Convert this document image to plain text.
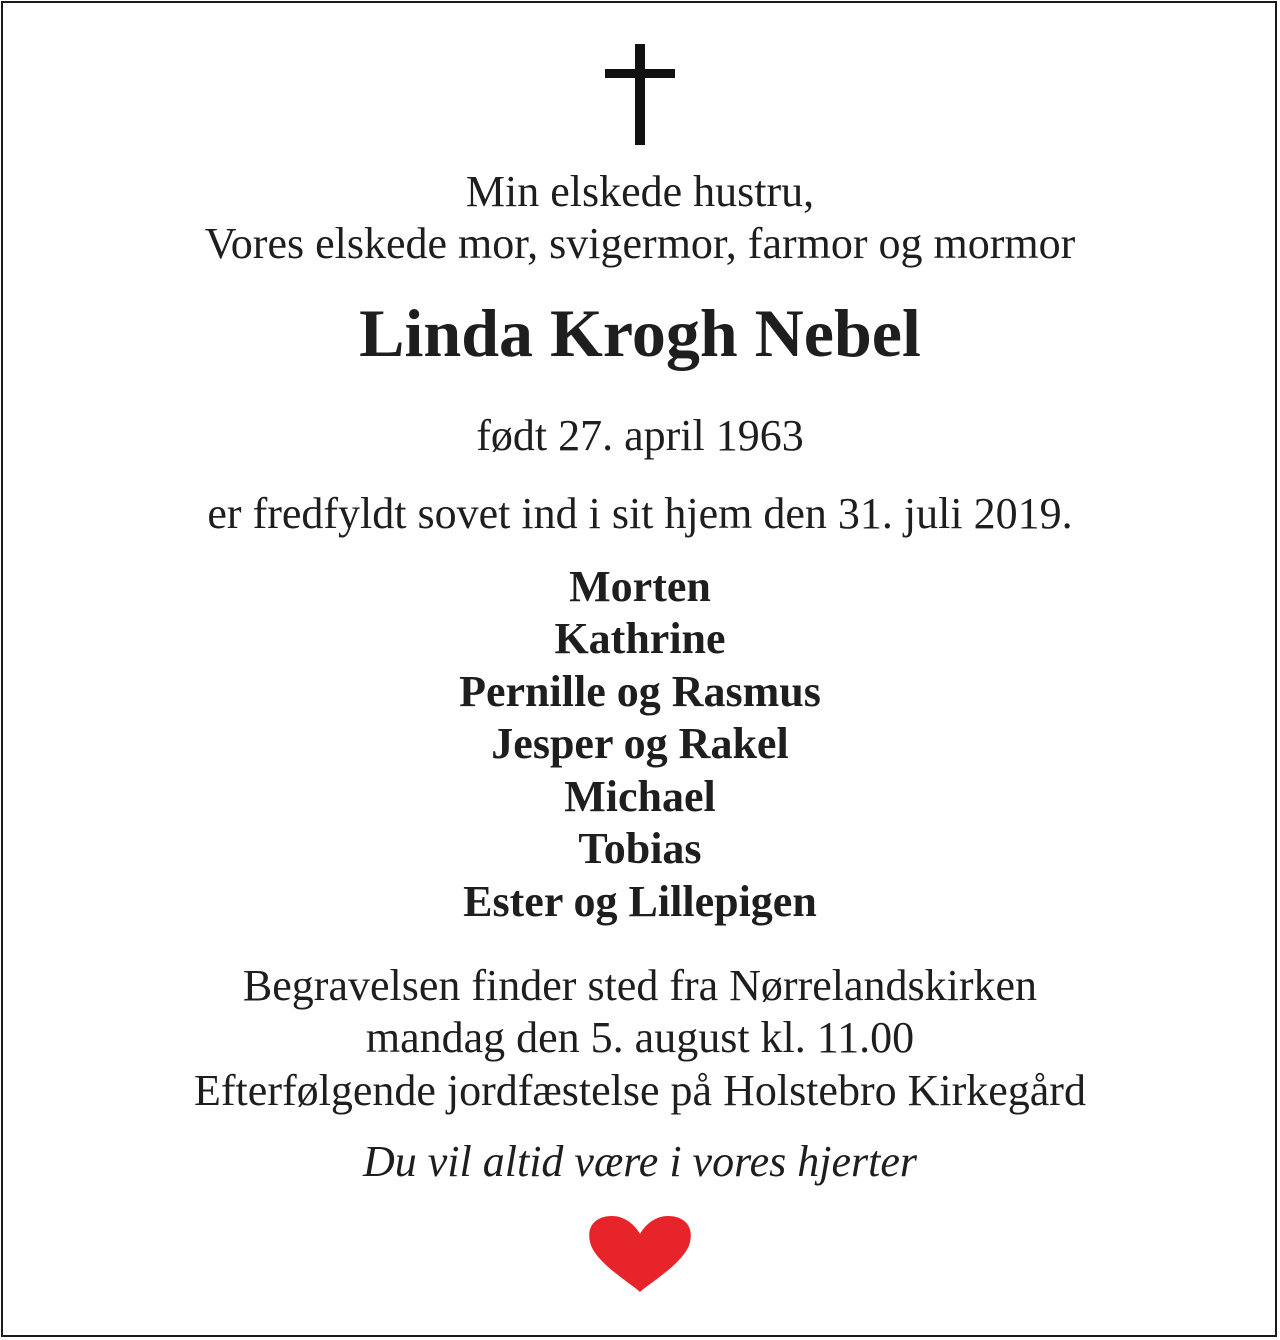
Min elskede hustru,
Vores elskede mor, svigermor, farmor og mormor
Linda Krogh Nebel
født 27. april 1963
er fredfyldt sovet ind i sit hjem den 31. juli 2019.
Morten
Kathrine
Pernille og Rasmus
Jesper og Rakel
Michael
Tobias
Ester og Lillepigen
Begravelsen finder sted fra Nørrelandskirken
mandag den 5. august kl. 11.00
Efterfølgende jordfæstelse på Holstebro Kirkegård
Du vil altid være i vores hjerter
